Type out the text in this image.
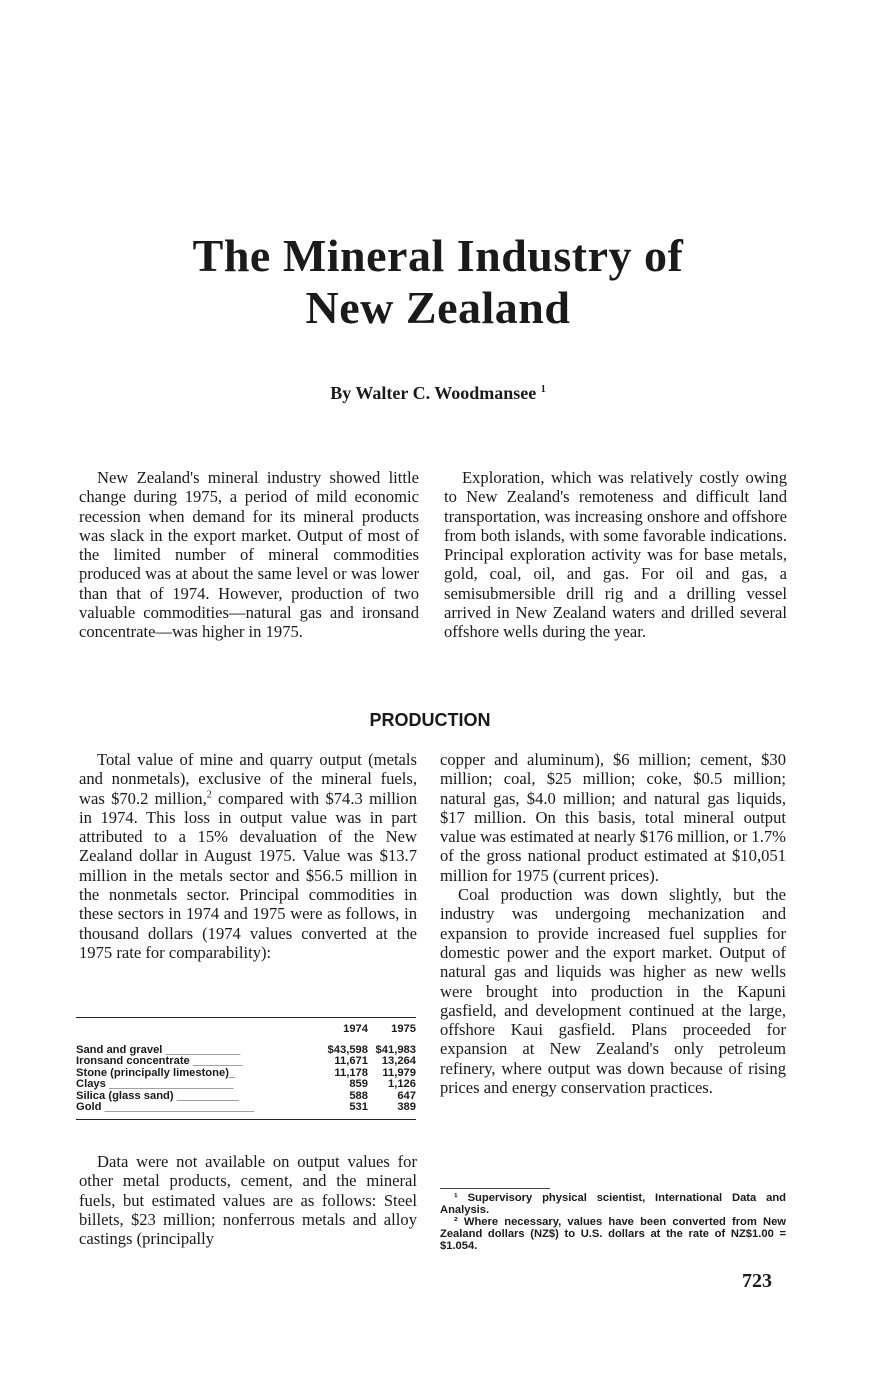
The Mineral Industry of
New Zealand
By Walter C. Woodmansee $^1$

New Zealand's mineral industry showed little change during 1975, a period of mild economic recession when demand for its mineral products was slack in the export market. Output of most of the limited number of mineral commodities produced was at about the same level or was lower than that of 1974. However, production of two valuable commodities—natural gas and ironsand concentrate—was higher in 1975.

Exploration, which was relatively costly owing to New Zealand's remoteness and difficult land transportation, was increasing onshore and offshore from both islands, with some favorable indications. Principal exploration activity was for base metals, gold, coal, oil, and gas. For oil and gas, a semisubmersible drill rig and a drilling vessel arrived in New Zealand waters and drilled several offshore wells during the year.

PRODUCTION

Total value of mine and quarry output (metals and nonmetals), exclusive of the mineral fuels, was $70.2 million,$^2$ compared with $74.3 million in 1974. This loss in output value was in part attributed to a 15% devaluation of the New Zealand dollar in August 1975. Value was $13.7 million in the metals sector and $56.5 million in the nonmetals sector. Principal commodities in these sectors in 1974 and 1975 were as follows, in thousand dollars (1974 values converted at the 1975 rate for comparability):

	1974	1975
Sand and gravel ____________	$43,598	$41,983
Ironsand concentrate ________	11,671	13,264
Stone (principally limestone)_	11,178	11,979
Clays ____________________	859	1,126
Silica (glass sand) __________	588	647
Gold ________________________	531	389

Data were not available on output values for other metal products, cement, and the mineral fuels, but estimated values are as follows: Steel billets, $23 million; nonferrous metals and alloy castings (principally

copper and aluminum), $6 million; cement, $30 million; coal, $25 million; coke, $0.5 million; natural gas, $4.0 million; and natural gas liquids, $17 million. On this basis, total mineral output value was estimated at nearly $176 million, or 1.7% of the gross national product estimated at $10,051 million for 1975 (current prices).

Coal production was down slightly, but the industry was undergoing mechanization and expansion to provide increased fuel supplies for domestic power and the export market. Output of natural gas and liquids was higher as new wells were brought into production in the Kapuni gasfield, and development continued at the large, offshore Kaui gasfield. Plans proceeded for expansion at New Zealand's only petroleum refinery, where output was down because of rising prices and energy conservation practices.

¹ Supervisory physical scientist, International Data and Analysis.

² Where necessary, values have been converted from New Zealand dollars (NZ$) to U.S. dollars at the rate of NZ$1.00 = $1.054.

723
